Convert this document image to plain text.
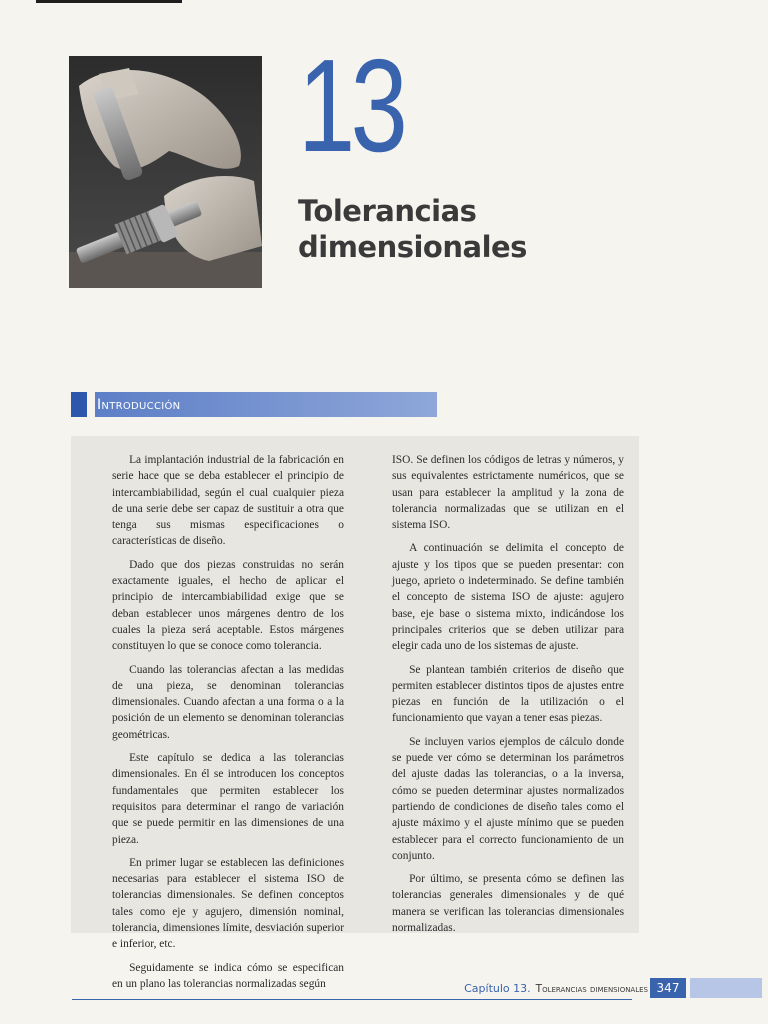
13
Tolerancias
dimensionales
Introducción

La implantación industrial de la fabricación en serie hace que se deba establecer el principio de intercambiabilidad, según el cual cualquier pieza de una serie debe ser capaz de sustituir a otra que tenga sus mismas especificaciones o características de diseño.

Dado que dos piezas construidas no serán exactamente iguales, el hecho de aplicar el principio de intercambiabilidad exige que se deban establecer unos márgenes dentro de los cuales la pieza será aceptable. Estos márgenes constituyen lo que se conoce como tolerancia.

Cuando las tolerancias afectan a las medidas de una pieza, se denominan tolerancias dimensionales. Cuando afectan a una forma o a la posición de un elemento se denominan tolerancias geométricas.

Este capítulo se dedica a las tolerancias dimensionales. En él se introducen los conceptos fundamentales que permiten establecer los requisitos para determinar el rango de variación que se puede permitir en las dimensiones de una pieza.

En primer lugar se establecen las definiciones necesarias para establecer el sistema ISO de tolerancias dimensionales. Se definen conceptos tales como eje y agujero, dimensión nominal, tolerancia, dimensiones límite, desviación superior e inferior, etc.

Seguidamente se indica cómo se especifican en un plano las tolerancias normalizadas según

ISO. Se definen los códigos de letras y números, y sus equivalentes estrictamente numéricos, que se usan para establecer la amplitud y la zona de tolerancia normalizadas que se utilizan en el sistema ISO.

A continuación se delimita el concepto de ajuste y los tipos que se pueden presentar: con juego, aprieto o indeterminado. Se define también el concepto de sistema ISO de ajuste: agujero base, eje base o sistema mixto, indicándose los principales criterios que se deben utilizar para elegir cada uno de los sistemas de ajuste.

Se plantean también criterios de diseño que permiten establecer distintos tipos de ajustes entre piezas en función de la utilización o el funcionamiento que vayan a tener esas piezas.

Se incluyen varios ejemplos de cálculo donde se puede ver cómo se determinan los parámetros del ajuste dadas las tolerancias, o a la inversa, cómo se pueden determinar ajustes normalizados partiendo de condiciones de diseño tales como el ajuste máximo y el ajuste mínimo que se pueden establecer para el correcto funcionamiento de un conjunto.

Por último, se presenta cómo se definen las tolerancias generales dimensionales y de qué manera se verifican las tolerancias dimensionales normalizadas.

Capítulo 13. Tolerancias dimensionales 347
